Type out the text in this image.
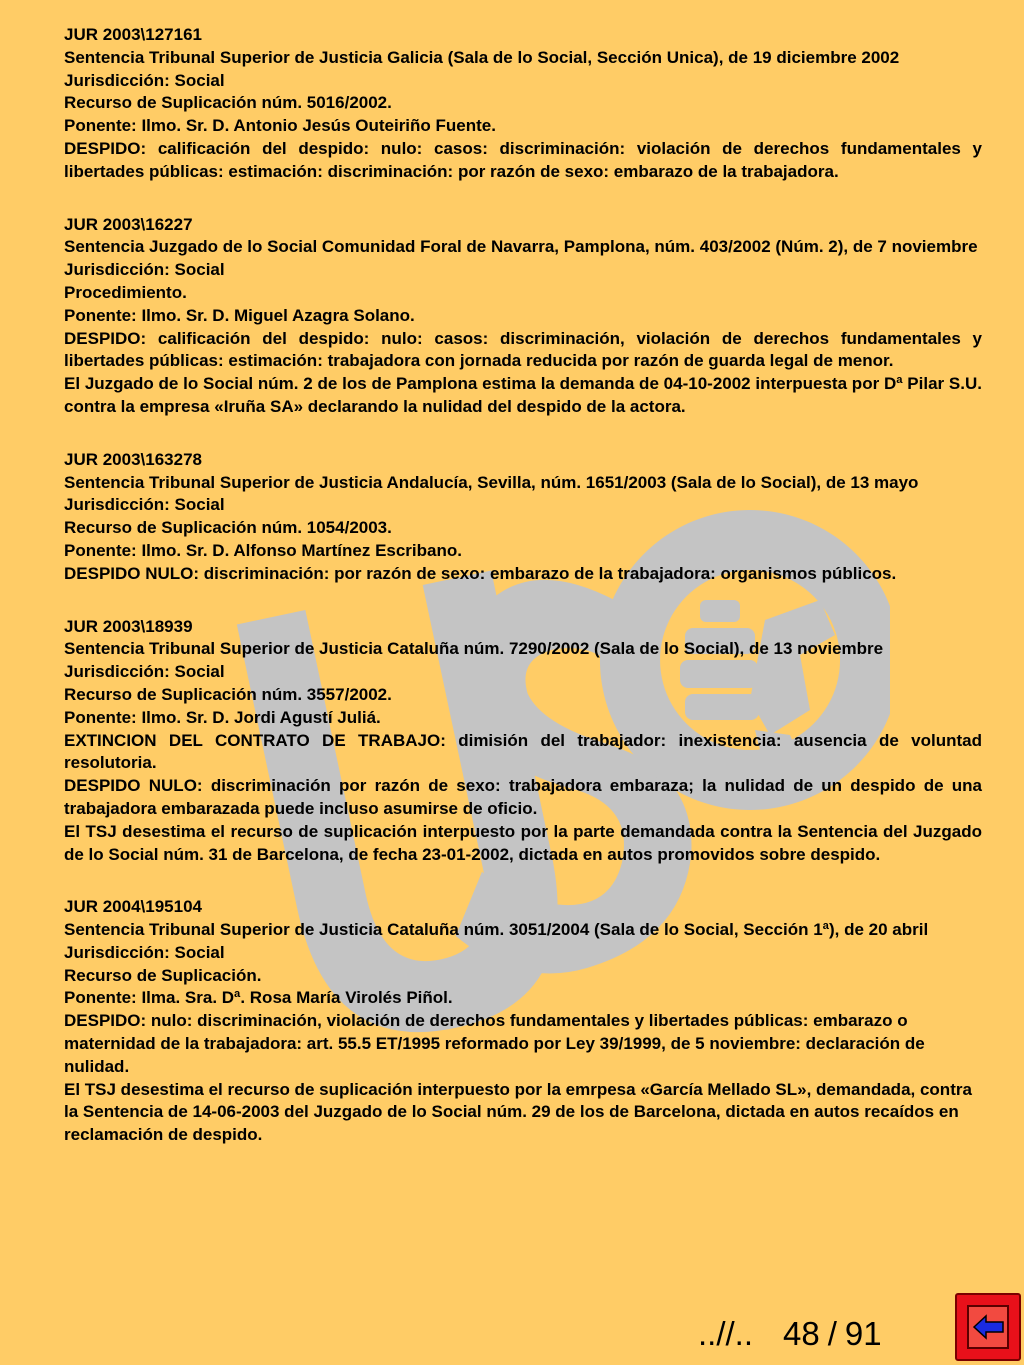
JUR 2003\127161

Sentencia Tribunal Superior de Justicia Galicia (Sala de lo Social, Sección Unica), de 19 diciembre 2002

Jurisdicción: Social

Recurso de Suplicación núm. 5016/2002.

Ponente: Ilmo. Sr. D. Antonio Jesús Outeiriño Fuente.

DESPIDO: calificación del despido: nulo: casos: discriminación: violación de derechos fundamentales y libertades públicas: estimación: discriminación: por razón de sexo: embarazo de la trabajadora.

JUR 2003\16227

Sentencia Juzgado de lo Social Comunidad Foral de Navarra, Pamplona, núm. 403/2002 (Núm. 2), de 7 noviembre

Jurisdicción: Social

Procedimiento.

Ponente: Ilmo. Sr. D. Miguel Azagra Solano.

DESPIDO: calificación del despido: nulo: casos: discriminación, violación de derechos fundamentales y libertades públicas: estimación: trabajadora con jornada reducida por razón de guarda legal de menor.

El Juzgado de lo Social núm. 2 de los de Pamplona estima la demanda de 04-10-2002 interpuesta por Dª Pilar S.U. contra la empresa «Iruña SA» declarando la nulidad del despido de la actora.

JUR 2003\163278

Sentencia Tribunal Superior de Justicia Andalucía, Sevilla, núm. 1651/2003 (Sala de lo Social), de 13 mayo

Jurisdicción: Social

Recurso de Suplicación núm. 1054/2003.

Ponente: Ilmo. Sr. D. Alfonso Martínez Escribano.

DESPIDO NULO: discriminación: por razón de sexo: embarazo de la trabajadora: organismos públicos.

JUR 2003\18939

Sentencia Tribunal Superior de Justicia Cataluña núm. 7290/2002 (Sala de lo Social), de 13 noviembre

Jurisdicción: Social

Recurso de Suplicación núm. 3557/2002.

Ponente: Ilmo. Sr. D. Jordi Agustí Juliá.

EXTINCION DEL CONTRATO DE TRABAJO: dimisión del trabajador: inexistencia: ausencia de voluntad resolutoria.

DESPIDO NULO: discriminación por razón de sexo: trabajadora embaraza; la nulidad de un despido de una trabajadora embarazada puede incluso asumirse de oficio.

El TSJ desestima el recurso de suplicación interpuesto por la parte demandada contra la Sentencia del Juzgado de lo Social núm. 31 de Barcelona, de fecha 23-01-2002, dictada en autos promovidos sobre despido.

JUR 2004\195104

Sentencia Tribunal Superior de Justicia Cataluña núm. 3051/2004 (Sala de lo Social, Sección 1ª), de 20 abril

Jurisdicción: Social

Recurso de Suplicación.

Ponente: Ilma. Sra. Dª. Rosa María Virolés Piñol.

DESPIDO: nulo: discriminación, violación de derechos fundamentales y libertades públicas: embarazo o maternidad de la trabajadora: art. 55.5 ET/1995 reformado por Ley 39/1999, de 5 noviembre: declaración de nulidad.

El TSJ desestima el recurso de suplicación interpuesto por la emrpesa «García Mellado SL», demandada, contra la Sentencia de 14-06-2003 del Juzgado de lo Social núm. 29 de los de Barcelona, dictada en autos recaídos en reclamación de despido.

..//.. 48 / 91
